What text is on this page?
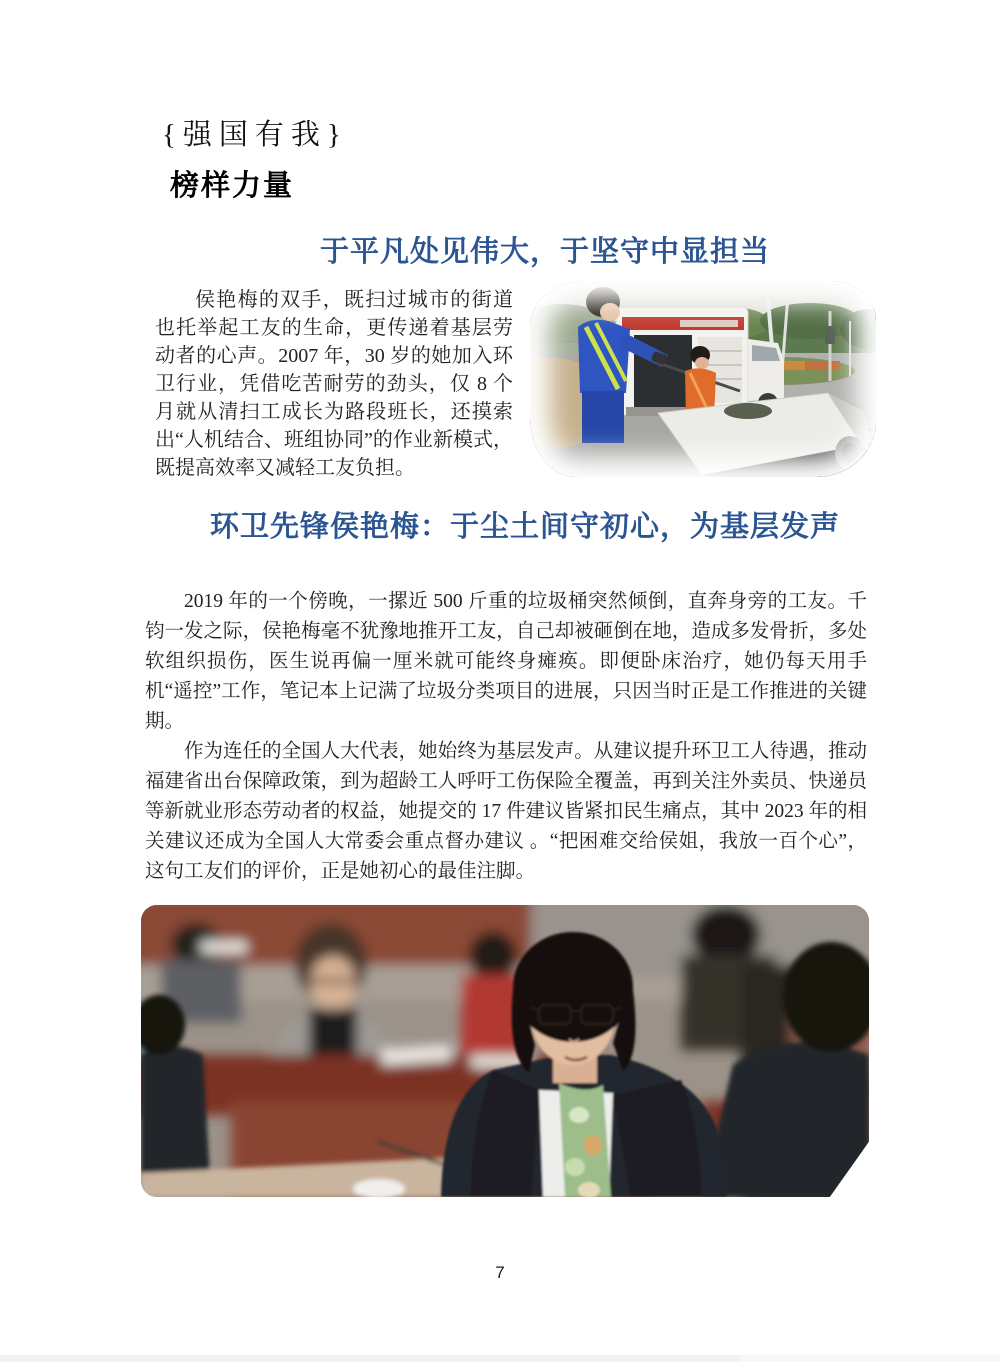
{强国有我}
榜样力量
于平凡处见伟大，于坚守中显担当
侯艳梅的双手，既扫过城市的街道也托举起工友的生命，更传递着基层劳动者的心声。2007 年，30 岁的她加入环卫行业，凭借吃苦耐劳的劲头，仅 8 个月就从清扫工成长为路段班长，还摸索出“人机结合、班组协同”的作业新模式，既提高效率又减轻工友负担。
环卫先锋侯艳梅：于尘土间守初心，为基层发声
2019 年的一个傍晚，一摞近 500 斤重的垃圾桶突然倾倒，直奔身旁的工友。千钧一发之际，侯艳梅毫不犹豫地推开工友，自己却被砸倒在地，造成多发骨折，多处软组织损伤，医生说再偏一厘米就可能终身瘫痪。即便卧床治疗，她仍每天用手机“遥控”工作，笔记本上记满了垃圾分类项目的进展，只因当时正是工作推进的关键期。
作为连任的全国人大代表，她始终为基层发声。从建议提升环卫工人待遇，推动福建省出台保障政策，到为超龄工人呼吁工伤保险全覆盖，再到关注外卖员、快递员等新就业形态劳动者的权益，她提交的 17 件建议皆紧扣民生痛点，其中 2023 年的相关建议还成为全国人大常委会重点督办建议 。“把困难交给侯姐，我放一百个心”，这句工友们的评价，正是她初心的最佳注脚。
7
